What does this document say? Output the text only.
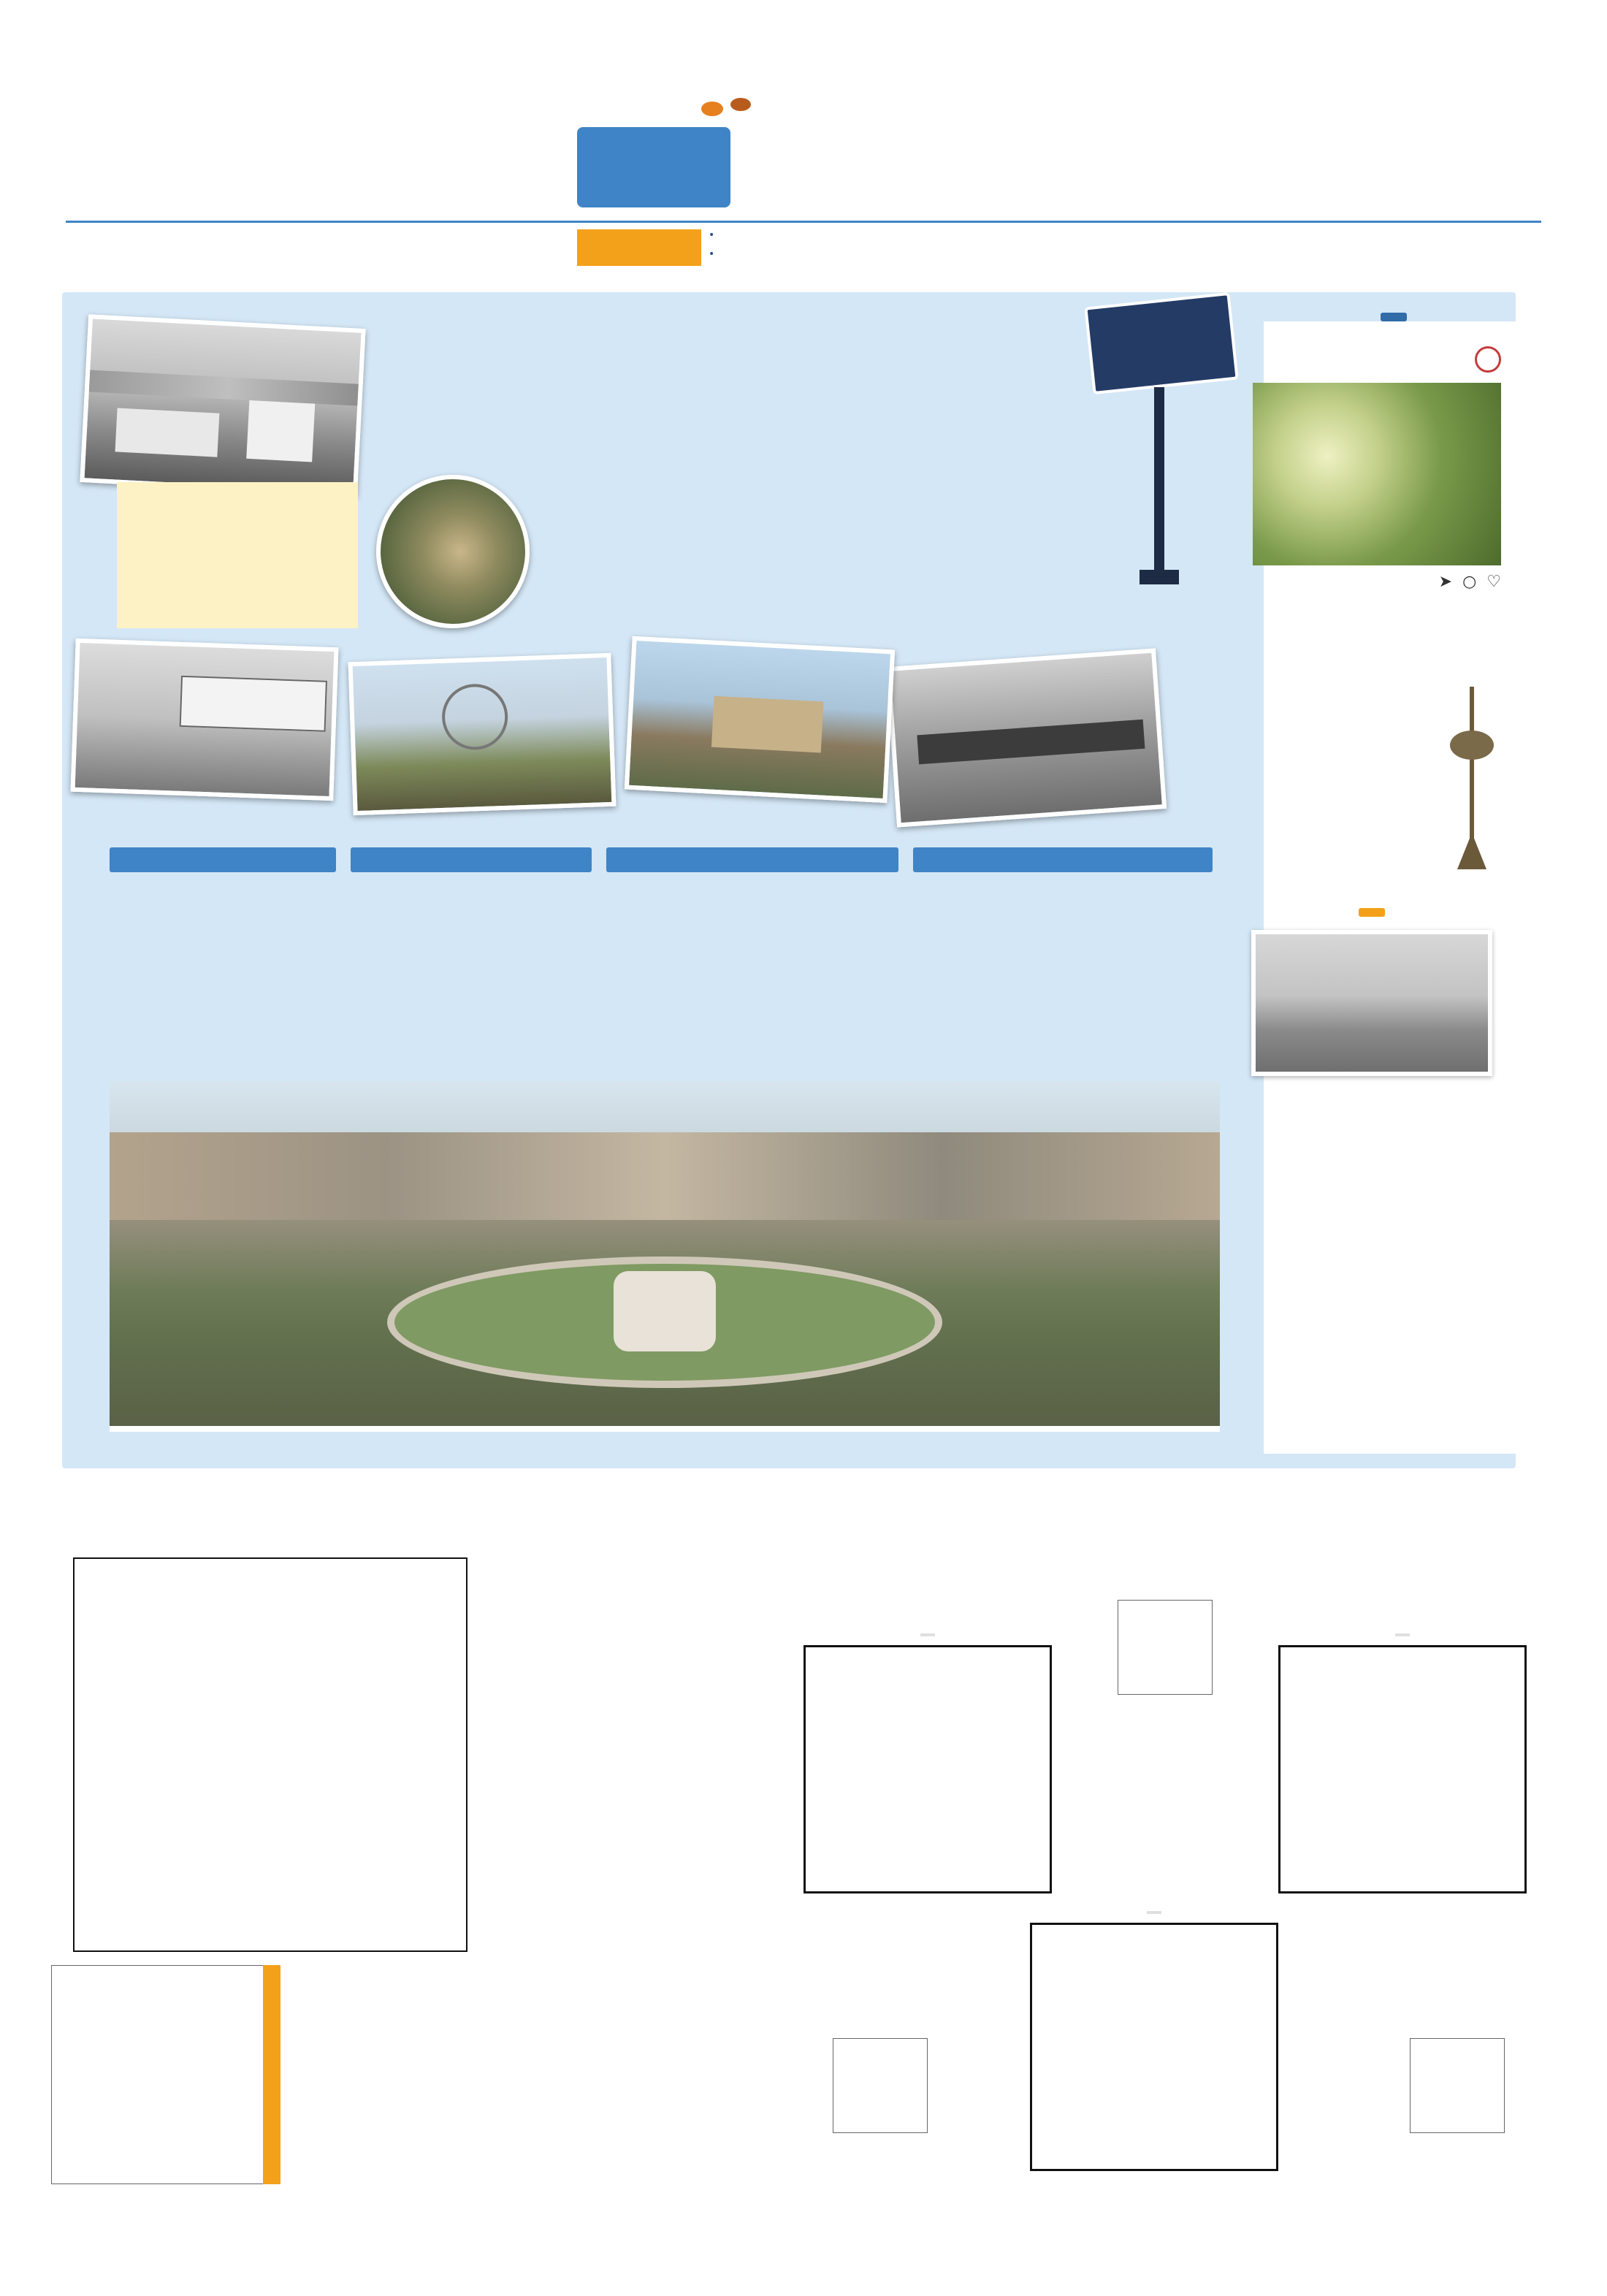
•
•
♡
○
➤
